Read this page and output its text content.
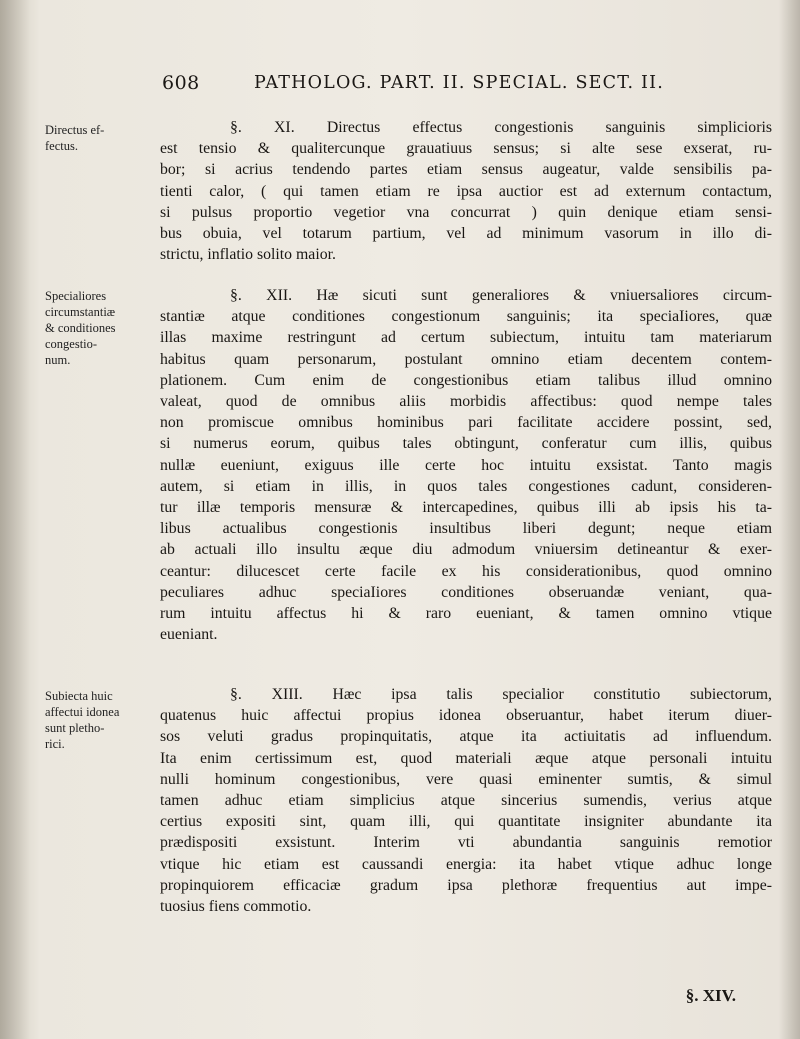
608	PATHOLOG. PART. II. SPECIAL. SECT. II.
Directus ef-
fectus.
Specialiores
circumstantiæ
& conditiones
congestio-
num.
Subiecta huic
affectui idonea
sunt pletho-
rici.
§. XI. Directus effectus congestionis sanguinis simplicioris
est tensio & qualitercunque grauatiuus sensus; si alte sese exserat, ru-
bor; si acrius tendendo partes etiam sensus augeatur, valde sensibilis pa-
tienti calor, ( qui tamen etiam re ipsa auctior est ad externum contactum,
si pulsus proportio vegetior vna concurrat ) quin denique etiam sensi-
bus obuia, vel totarum partium, vel ad minimum vasorum in illo di-
strictu, inflatio solito maior.
§. XII. Hæ sicuti sunt generaliores & vniuersaliores circum-
stantiæ atque conditiones congestionum sanguinis; ita speciaIiores, quæ
illas maxime restringunt ad certum subiectum, intuitu tam materiarum
habitus quam personarum, postulant omnino etiam decentem contem-
plationem. Cum enim de congestionibus etiam talibus illud omnino
valeat, quod de omnibus aliis morbidis affectibus: quod nempe tales
non promiscue omnibus hominibus pari facilitate accidere possint, sed,
si numerus eorum, quibus tales obtingunt, conferatur cum illis, quibus
nullæ eueniunt, exiguus ille certe hoc intuitu exsistat. Tanto magis
autem, si etiam in illis, in quos tales congestiones cadunt, consideren-
tur illæ temporis mensuræ & intercapedines, quibus illi ab ipsis his ta-
libus actualibus congestionis insultibus liberi degunt; neque etiam
ab actuali illo insultu æque diu admodum vniuersim detineantur & exer-
ceantur: dilucescet certe facile ex his considerationibus, quod omnino
peculiares adhuc speciaIiores conditiones obseruandæ veniant, qua-
rum intuitu affectus hi & raro eueniant, & tamen omnino vtique
eueniant.
§. XIII. Hæc ipsa talis specialior constitutio subiectorum,
quatenus huic affectui propius idonea obseruantur, habet iterum diuer-
sos veluti gradus propinquitatis, atque ita actiuitatis ad influendum.
Ita enim certissimum est, quod materiali æque atque personali intuitu
nulli hominum congestionibus, vere quasi eminenter sumtis, & simul
tamen adhuc etiam simplicius atque sincerius sumendis, verius atque
certius expositi sint, quam illi, qui quantitate insigniter abundante ita
prædispositi exsistunt. Interim vti abundantia sanguinis remotior
vtique hic etiam est caussandi energia: ita habet vtique adhuc longe
propinquiorem efficaciæ gradum ipsa plethoræ frequentius aut impe-
tuosius fiens commotio.
§. XIV.
